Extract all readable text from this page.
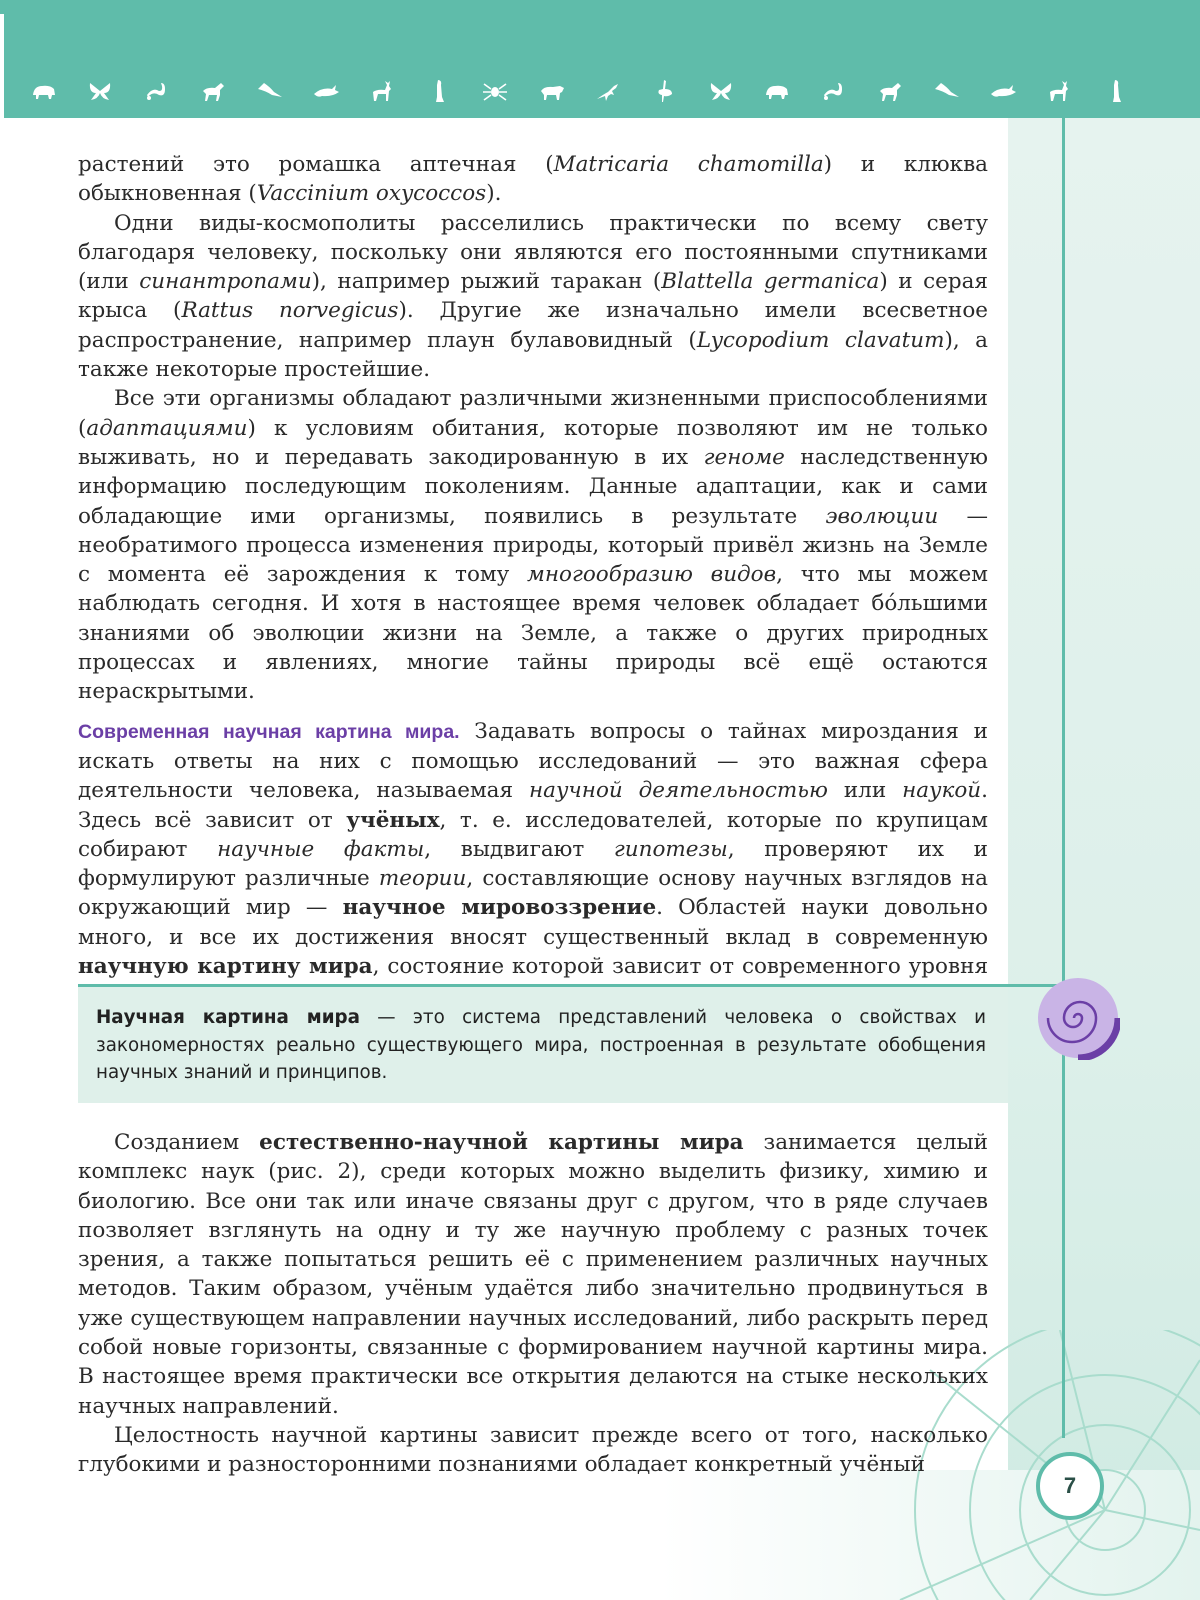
растений это ромашка аптечная (Matricaria chamomilla) и клюква обыкновенная (Vaccinium oxycoccos).

Одни виды-космополиты расселились практически по всему свету благодаря человеку, поскольку они являются его постоянными спутниками (или синантропами), например рыжий таракан (Blattella germanica) и серая крыса (Rattus norvegicus). Другие же изначально имели всесветное распространение, например плаун булавовидный (Lycopodium clavatum), а также некоторые простейшие.

Все эти организмы обладают различными жизненными приспособлениями (адаптациями) к условиям обитания, которые позволяют им не только выживать, но и передавать закодированную в их геноме наследственную информацию последующим поколениям. Данные адаптации, как и сами обладающие ими организмы, появились в результате эволюции — необратимого процесса изменения природы, который привёл жизнь на Земле с момента её зарождения к тому многообразию видов, что мы можем наблюдать сегодня. И хотя в настоящее время человек обладает бóльшими знаниями об эволюции жизни на Земле, а также о других природных процессах и явлениях, многие тайны природы всё ещё остаются нераскрытыми.

Современная научная картина мира. Задавать вопросы о тайнах мироздания и искать ответы на них с помощью исследований — это важная сфера деятельности человека, называемая научной деятельностью или наукой. Здесь всё зависит от учёных, т. е. исследователей, которые по крупицам собирают научные факты, выдвигают гипотезы, проверяют их и формулируют различные теории, составляющие основу научных взглядов на окружающий мир — научное мировоззрение. Областей науки довольно много, и все их достижения вносят существенный вклад в современную научную картину мира, состояние которой зависит от современного уровня

Научная картина мира — это система представлений человека о свойствах и закономерностях реально существующего мира, построенная в результате обобщения научных знаний и принципов.

Созданием естественно-научной картины мира занимается целый комплекс наук (рис. 2), среди которых можно выделить физику, химию и биологию. Все они так или иначе связаны друг с другом, что в ряде случаев позволяет взглянуть на одну и ту же научную проблему с разных точек зрения, а также попытаться решить её с применением различных научных методов. Таким образом, учёным удаётся либо значительно продвинуться в уже существующем направлении научных исследований, либо раскрыть перед собой новые горизонты, связанные с формированием научной картины мира. В настоящее время практически все открытия делаются на стыке нескольких научных направлений.

Целостность научной картины зависит прежде всего от того, насколько глубокими и разносторонними познаниями обладает конкретный учёный

7
